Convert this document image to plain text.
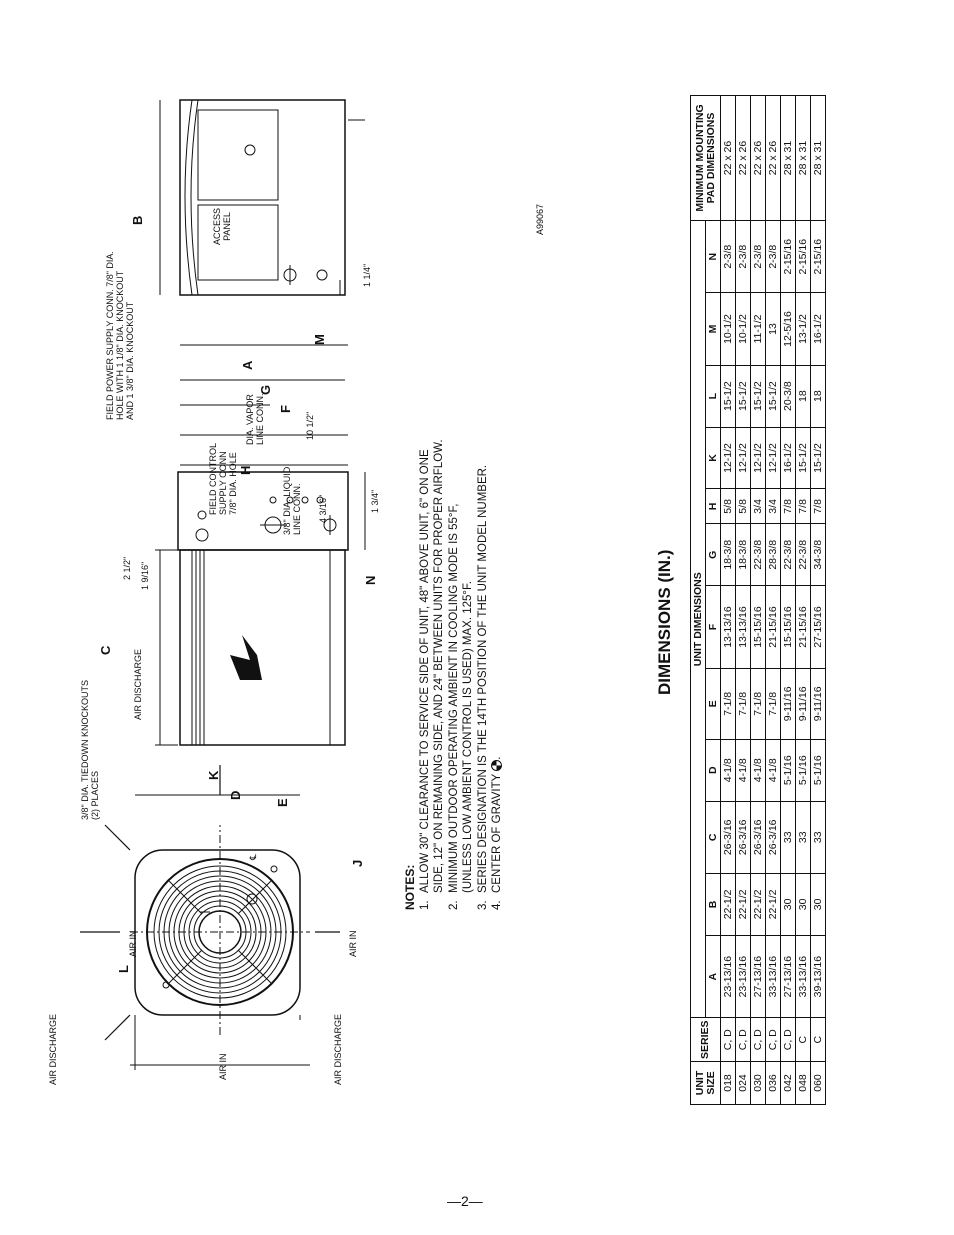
AIR DISCHARGE	AIR DISCHARGE
AIR IN
AIR IN	AIR IN
L
K
D
E
J
℄
3/8" DIA. TIEDOWN KNOCKOUTS (2) PLACES
AIR DISCHARGE
C
N
H
A
G
F
M
B
2 1/2" 1 9/16"
10 1/2"
4 3/16"	1 3/4"
1 1/4"
FIELD CONTROL SUPPLY CONN 7/8" DIA. HOLE
DIA. VAPOR LINE CONN.
3/8" DIA. LIQUID LINE CONN.
FIELD POWER SUPPLY CONN. 7/8" DIA. HOLE WITH 1 1/8" DIA. KNOCKOUT AND 1 3/8" DIA. KNOCKOUT
ACCESS PANEL	A99067
NOTES: 1.
ALLOW 30" CLEARANCE TO SERVICE SIDE OF UNIT, 48" ABOVE UNIT, 6" ON ONE SIDE, 12" ON REMAINING SIDE, AND 24" BETWEEN UNITS FOR PROPER AIRFLOW.
2.
MINIMUM OUTDOOR OPERATING AMBIENT IN COOLING MODE IS 55°F, (UNLESS LOW AMBIENT CONTROL IS USED) MAX. 125°F.
3.
SERIES DESIGNATION IS THE 14TH POSITION OF THE UNIT MODEL NUMBER.
4.
CENTER OF GRAVITY .
DIMENSIONS (IN.)
UNIT SIZE	SERIES	UNIT DIMENSIONS												MINIMUM MOUNTING PAD DIMENSIONS
		A	B	C	D	E	F	G	H	K	L	M	N	
018	C, D	23-13/16	22-1/2	26-3/16	4-1/8	7-1/8	13-13/16	18-3/8	5/8	12-1/2	15-1/2	10-1/2	2-3/8	22 x 26
024	C, D	23-13/16	22-1/2	26-3/16	4-1/8	7-1/8	13-13/16	18-3/8	5/8	12-1/2	15-1/2	10-1/2	2-3/8	22 x 26
030	C, D	27-13/16	22-1/2	26-3/16	4-1/8	7-1/8	15-15/16	22-3/8	3/4	12-1/2	15-1/2	11-1/2	2-3/8	22 x 26
036	C, D	33-13/16	22-1/2	26-3/16	4-1/8	7-1/8	21-15/16	28-3/8	3/4	12-1/2	15-1/2	13	2-3/8	22 x 26
042	C, D	27-13/16	30	33	5-1/16	9-11/16	15-15/16	22-3/8	7/8	16-1/2	20-3/8	12-5/16	2-15/16	28 x 31
048	C	33-13/16	30	33	5-1/16	9-11/16	21-15/16	22-3/8	7/8	15-1/2	18	13-1/2	2-15/16	28 x 31
060	C	39-13/16	30	33	5-1/16	9-11/16	27-15/16	34-3/8	7/8	15-1/2	18	16-1/2	2-15/16	28 x 31
—2—
